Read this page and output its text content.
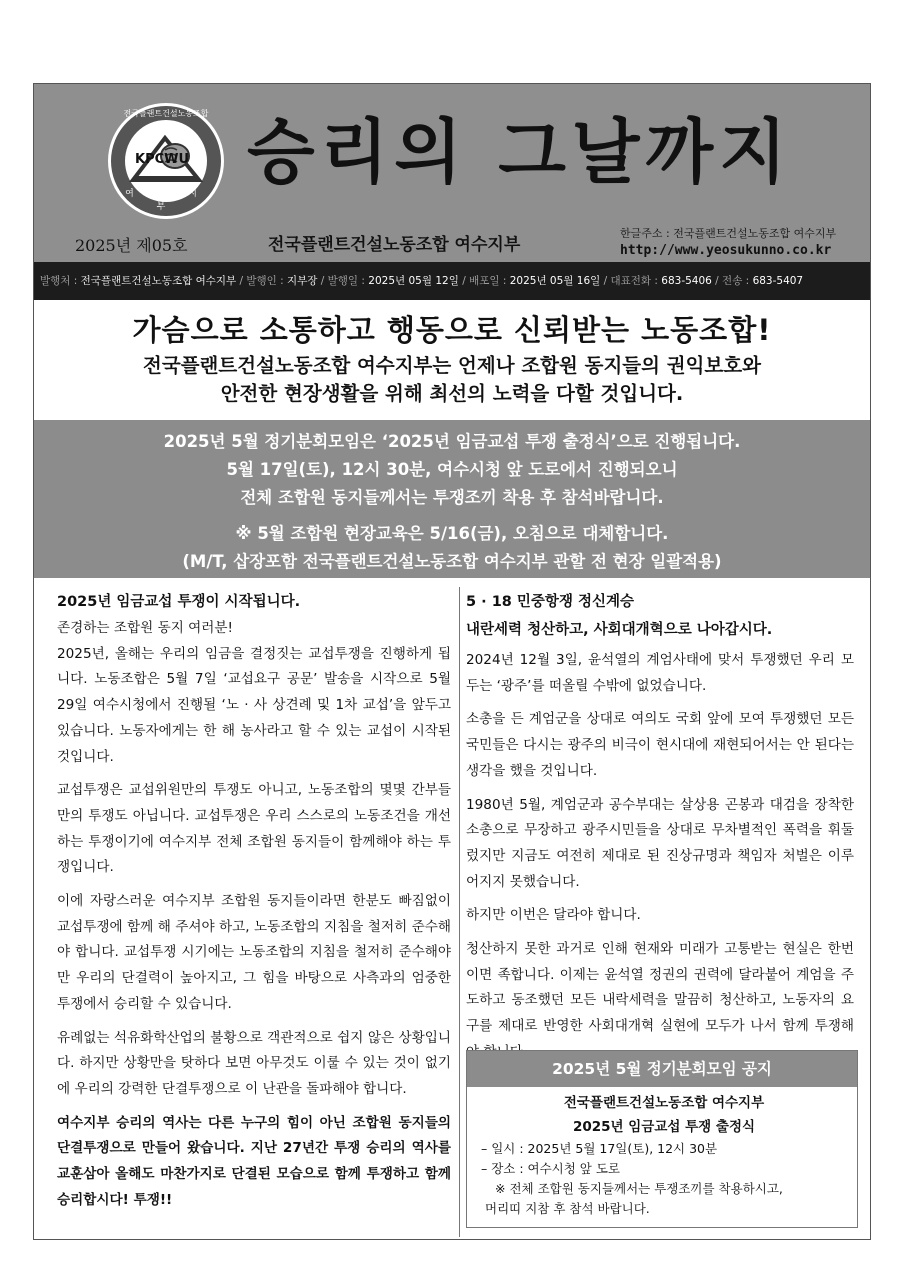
전국플랜트건설노동조합
KPCWU
여 수 지 부
승리의 그날까지
2025년 제05호	전국플랜트건설노동조합 여수지부
한글주소 : 전국플랜트건설노동조합 여수지부
http://www.yeosukunno.co.kr
발행처 : 전국플랜트건설노동조합 여수지부 / 발행인 : 지부장 / 발행일 : 2025년 05월 12일 / 배포일 : 2025년 05월 16일 / 대표전화 : 683-5406 / 전송 : 683-5407
가슴으로 소통하고 행동으로 신뢰받는 노동조합!

전국플랜트건설노동조합 여수지부는 언제나 조합원 동지들의 권익보호와

안전한 현장생활을 위해 최선의 노력을 다할 것입니다.

2025년 5월 정기분회모임은 ‘2025년 임금교섭 투쟁 출정식’으로 진행됩니다.
5월 17일(토), 12시 30분, 여수시청 앞 도로에서 진행되오니
전체 조합원 동지들께서는 투쟁조끼 착용 후 참석바랍니다.
※ 5월 조합원 현장교육은 5/16(금), 오침으로 대체합니다.
(M/T, 삽장포함 전국플랜트건설노동조합 여수지부 관할 전 현장 일괄적용)
2025년 임금교섭 투쟁이 시작됩니다.

존경하는 조합원 동지 여러분!

2025년, 올해는 우리의 임금을 결정짓는 교섭투쟁을 진행하게 됩니다. 노동조합은 5월 7일 ‘교섭요구 공문’ 발송을 시작으로 5월 29일 여수시청에서 진행될 ‘노 · 사 상견례 및 1차 교섭’을 앞두고 있습니다. 노동자에게는 한 해 농사라고 할 수 있는 교섭이 시작된 것입니다.

교섭투쟁은 교섭위원만의 투쟁도 아니고, 노동조합의 몇몇 간부들만의 투쟁도 아닙니다. 교섭투쟁은 우리 스스로의 노동조건을 개선하는 투쟁이기에 여수지부 전체 조합원 동지들이 함께해야 하는 투쟁입니다.

이에 자랑스러운 여수지부 조합원 동지들이라면 한분도 빠짐없이 교섭투쟁에 함께 해 주셔야 하고, 노동조합의 지침을 철저히 준수해야 합니다. 교섭투쟁 시기에는 노동조합의 지침을 철저히 준수해야만 우리의 단결력이 높아지고, 그 힘을 바탕으로 사측과의 엄중한 투쟁에서 승리할 수 있습니다.

유례없는 석유화학산업의 불황으로 객관적으로 쉽지 않은 상황입니다. 하지만 상황만을 탓하다 보면 아무것도 이룰 수 있는 것이 없기에 우리의 강력한 단결투쟁으로 이 난관을 돌파해야 합니다.

여수지부 승리의 역사는 다른 누구의 힘이 아닌 조합원 동지들의 단결투쟁으로 만들어 왔습니다. 지난 27년간 투쟁 승리의 역사를 교훈삼아 올해도 마찬가지로 단결된 모습으로 함께 투쟁하고 함께 승리합시다! 투쟁!!

5 · 18 민중항쟁 정신계승
내란세력 청산하고, 사회대개혁으로 나아갑시다.

2024년 12월 3일, 윤석열의 계엄사태에 맞서 투쟁했던 우리 모두는 ‘광주’를 떠올릴 수밖에 없었습니다.

소총을 든 계엄군을 상대로 여의도 국회 앞에 모여 투쟁했던 모든 국민들은 다시는 광주의 비극이 현시대에 재현되어서는 안 된다는 생각을 했을 것입니다.

1980년 5월, 계엄군과 공수부대는 살상용 곤봉과 대검을 장착한 소총으로 무장하고 광주시민들을 상대로 무차별적인 폭력을 휘둘렀지만 지금도 여전히 제대로 된 진상규명과 책임자 처벌은 이루어지지 못했습니다.

하지만 이번은 달라야 합니다.

청산하지 못한 과거로 인해 현재와 미래가 고통받는 현실은 한번이면 족합니다. 이제는 윤석열 정권의 권력에 달라붙어 계엄을 주도하고 동조했던 모든 내락세력을 말끔히 청산하고, 노동자의 요구를 제대로 반영한 사회대개혁 실현에 모두가 나서 함께 투쟁해

2025년 5월 정기분회모임 공지
전국플랜트건설노동조합 여수지부
2025년 임금교섭 투쟁 출정식
– 일시 : 2025년 5월 17일(토), 12시 30분
– 장소 : 여수시청 앞 도로
※ 전체 조합원 동지들께서는 투쟁조끼를 착용하시고,
머리띠 지참 후 참석 바랍니다.
